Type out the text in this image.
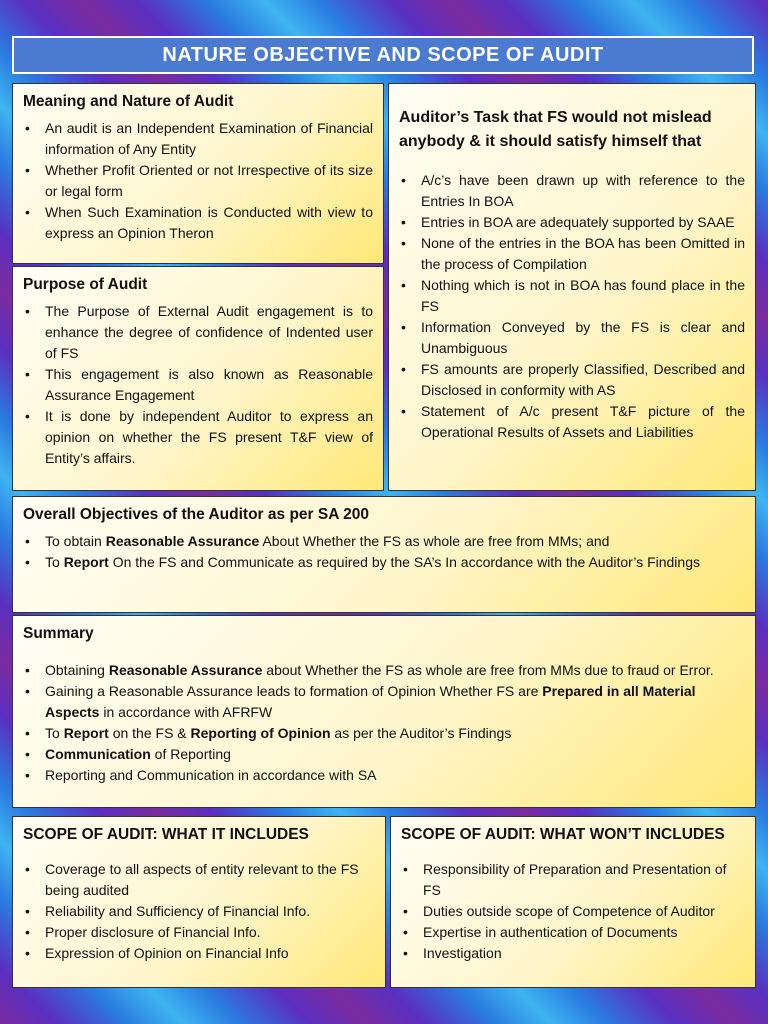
NATURE OBJECTIVE AND SCOPE OF AUDIT
Meaning and Nature of Audit
• An audit is an Independent Examination of Financial information of Any Entity
• Whether Profit Oriented or not Irrespective of its size or legal form
• When Such Examination is Conducted with view to express an Opinion Theron
Purpose of Audit
• The Purpose of External Audit engagement is to enhance the degree of confidence of Indented user of FS
• This engagement is also known as Reasonable Assurance Engagement
• It is done by independent Auditor to express an opinion on whether the FS present T&F view of Entity’s affairs.
Auditor’s Task that FS would not mislead anybody & it should satisfy himself that
• A/c’s have been drawn up with reference to the Entries In BOA
• Entries in BOA are adequately supported by SAAE
• None of the entries in the BOA has been Omitted in the process of Compilation
• Nothing which is not in BOA has found place in the FS
• Information Conveyed by the FS is clear and Unambiguous
• FS amounts are properly Classified, Described and Disclosed in conformity with AS
• Statement of A/c present T&F picture of the Operational Results of Assets and Liabilities
Overall Objectives of the Auditor as per SA 200
• To obtain Reasonable Assurance About Whether the FS as whole are free from MMs; and
• To Report On the FS and Communicate as required by the SA’s In accordance with the Auditor’s Findings
Summary
• Obtaining Reasonable Assurance about Whether the FS as whole are free from MMs due to fraud or Error.
• Gaining a Reasonable Assurance leads to formation of Opinion Whether FS are Prepared in all Material Aspects in accordance with AFRFW
• To Report on the FS & Reporting of Opinion as per the Auditor’s Findings
• Communication of Reporting
• Reporting and Communication in accordance with SA
SCOPE OF AUDIT: WHAT IT INCLUDES
• Coverage to all aspects of entity relevant to the FS being audited
• Reliability and Sufficiency of Financial Info.
• Proper disclosure of Financial Info.
• Expression of Opinion on Financial Info
SCOPE OF AUDIT: WHAT WON’T INCLUDES
• Responsibility of Preparation and Presentation of FS
• Duties outside scope of Competence of Auditor
• Expertise in authentication of Documents
• Investigation
